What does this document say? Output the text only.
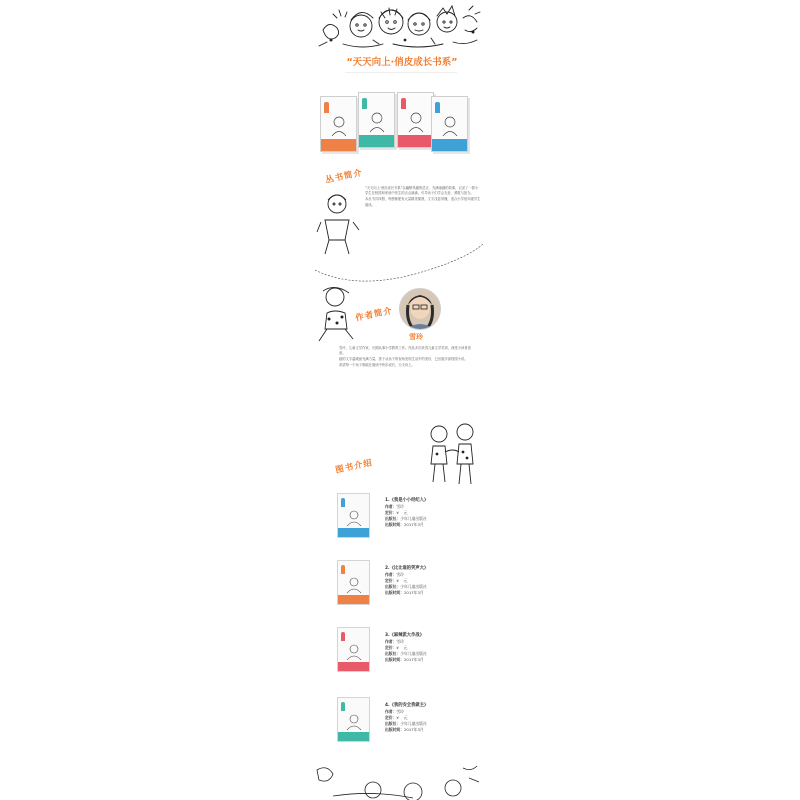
“天天向上·俏皮成长书系”
丛书简介

“天天向上·俏皮成长书系”以幽默风趣的语言、充满童趣的故事，记录了一群小学生在校园和家庭中发生的点点滴滴，引导孩子们学会友爱、勇敢与担当。

本丛书共四册，每册都配有大量精美插图，文字浅显易懂，适合小学低年级学生阅读。

作者简介
雪玲

雪玲，儿童文学作家，长期从事小学教育工作。作品多次获得儿童文学奖项，深受小读者喜爱。

她的文字温暖而充满力量，善于从孩子的视角发现生活中的美好，已出版多部校园小说。

希望每一个孩子都能在阅读中快乐成长，天天向上。

图书介绍
1.《我是小小经纪人》
作者：雪玲
定价：¥    元
出版社：少年儿童出版社
出版时间：2017年3月
2.《比比谁的笑声大》
作者：雪玲
定价：¥    元
出版社：少年儿童出版社
出版时间：2017年3月
3.《麻辣派大作战》
作者：雪玲
定价：¥    元
出版社：少年儿童出版社
出版时间：2017年3月
4.《我的安全我做主》
作者：雪玲
定价：¥    元
出版社：少年儿童出版社
出版时间：2017年3月
